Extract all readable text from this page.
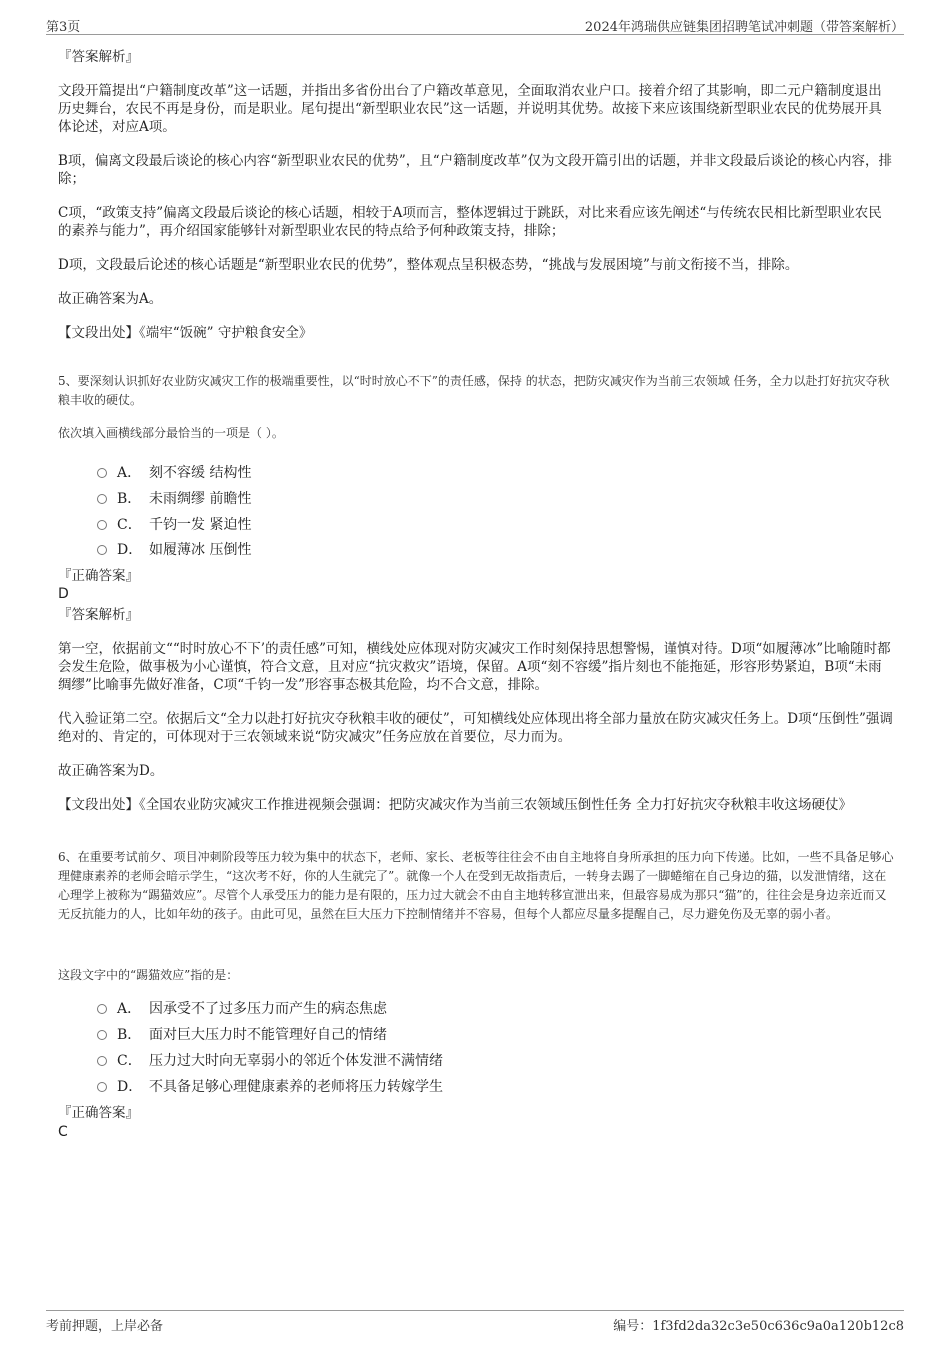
第3页	2024年鸿瑞供应链集团招聘笔试冲刺题（带答案解析）

『答案解析』

文段开篇提出“户籍制度改革”这一话题，并指出多省份出台了户籍改革意见，全面取消农业户口。接着介绍了其影响，即二元户籍制度退出历史舞台，农民不再是身份，而是职业。尾句提出“新型职业农民”这一话题，并说明其优势。故接下来应该围绕新型职业农民的优势展开具体论述，对应A项。

B项，偏离文段最后谈论的核心内容“新型职业农民的优势”，且“户籍制度改革”仅为文段开篇引出的话题，并非文段最后谈论的核心内容，排除；

C项，“政策支持”偏离文段最后谈论的核心话题，相较于A项而言，整体逻辑过于跳跃，对比来看应该先阐述“与传统农民相比新型职业农民的素养与能力”，再介绍国家能够针对新型职业农民的特点给予何种政策支持，排除；

D项，文段最后论述的核心话题是“新型职业农民的优势”，整体观点呈积极态势，“挑战与发展困境”与前文衔接不当，排除。

故正确答案为A。

【文段出处】《端牢“饭碗” 守护粮食安全》

5、要深刻认识抓好农业防灾减灾工作的极端重要性，以“时时放心不下”的责任感，保持 的状态，把防灾减灾作为当前三农领域 任务，全力以赴打好抗灾夺秋粮丰收的硬仗。

依次填入画横线部分最恰当的一项是（ ）。

A． 刻不容缓 结构性
B． 未雨绸缪 前瞻性
C． 千钧一发 紧迫性
D． 如履薄冰 压倒性

『正确答案』

D

『答案解析』

第一空，依据前文““时时放心不下’的责任感”可知，横线处应体现对防灾减灾工作时刻保持思想警惕，谨慎对待。D项“如履薄冰”比喻随时都会发生危险，做事极为小心谨慎，符合文意，且对应“抗灾救灾”语境，保留。A项“刻不容缓”指片刻也不能拖延，形容形势紧迫，B项“未雨绸缪”比喻事先做好准备，C项“千钧一发”形容事态极其危险，均不合文意，排除。

代入验证第二空。依据后文“全力以赴打好抗灾夺秋粮丰收的硬仗”，可知横线处应体现出将全部力量放在防灾减灾任务上。D项“压倒性”强调绝对的、肯定的，可体现对于三农领域来说“防灾减灾”任务应放在首要位，尽力而为。

故正确答案为D。

【文段出处】《全国农业防灾减灾工作推进视频会强调：把防灾减灾作为当前三农领域压倒性任务 全力打好抗灾夺秋粮丰收这场硬仗》

6、在重要考试前夕、项目冲刺阶段等压力较为集中的状态下，老师、家长、老板等往往会不由自主地将自身所承担的压力向下传递。比如，一些不具备足够心理健康素养的老师会暗示学生，“这次考不好，你的人生就完了”。就像一个人在受到无故指责后，一转身去踢了一脚蜷缩在自己身边的猫，以发泄情绪，这在心理学上被称为“踢猫效应”。尽管个人承受压力的能力是有限的，压力过大就会不由自主地转移宣泄出来，但最容易成为那只“猫”的，往往会是身边亲近而又无反抗能力的人，比如年幼的孩子。由此可见，虽然在巨大压力下控制情绪并不容易，但每个人都应尽量多提醒自己，尽力避免伤及无辜的弱小者。

这段文字中的“踢猫效应”指的是：

A． 因承受不了过多压力而产生的病态焦虑
B． 面对巨大压力时不能管理好自己的情绪
C． 压力过大时向无辜弱小的邻近个体发泄不满情绪
D． 不具备足够心理健康素养的老师将压力转嫁学生

『正确答案』

C

考前押题，上岸必备	编号：1f3fd2da32c3e50c636c9a0a120b12c8
